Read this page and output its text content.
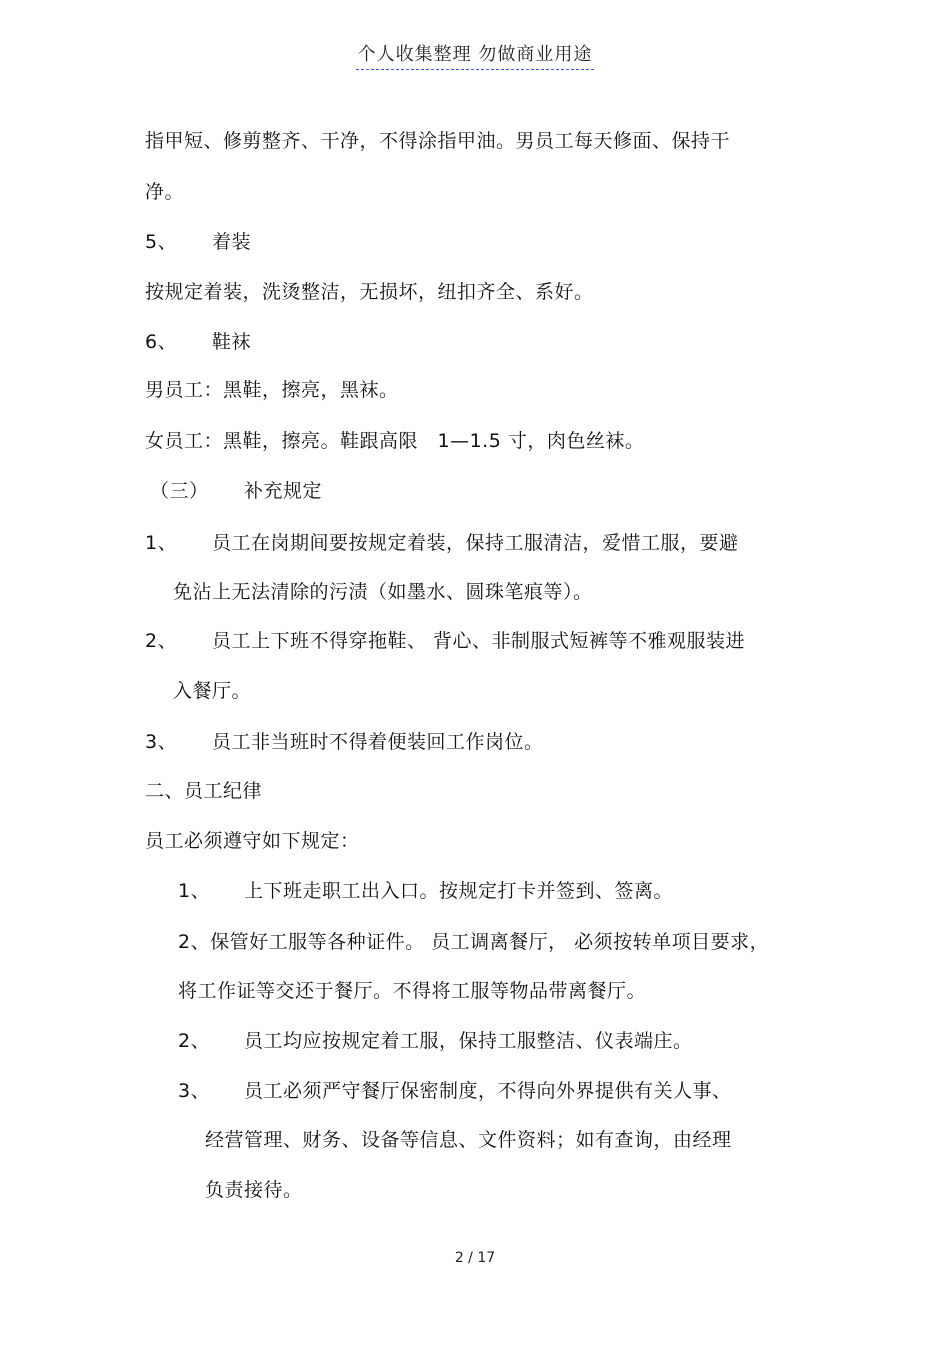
个人收集整理 勿做商业用途
指甲短、修剪整齐、干净，不得涂指甲油。男员工每天修面、保持干
净。
5、 着装
按规定着装，洗烫整洁，无损坏，纽扣齐全、系好。
6、 鞋袜
男员工：黑鞋，擦亮，黑袜。
女员工：黑鞋，擦亮。鞋跟高限　1—1.5 寸，肉色丝袜。
（三） 补充规定
1、 员工在岗期间要按规定着装，保持工服清洁，爱惜工服，要避
免沾上无法清除的污渍（如墨水、圆珠笔痕等）。
2、 员工上下班不得穿拖鞋、 背心、非制服式短裤等不雅观服装进
入餐厅。
3、 员工非当班时不得着便装回工作岗位。
二、员工纪律
员工必须遵守如下规定：
1、 上下班走职工出入口。按规定打卡并签到、签离。
2、保管好工服等各种证件。 员工调离餐厅， 必须按转单项目要求，
将工作证等交还于餐厅。不得将工服等物品带离餐厅。
2、 员工均应按规定着工服，保持工服整洁、仪表端庄。
3、 员工必须严守餐厅保密制度，不得向外界提供有关人事、
经营管理、财务、设备等信息、文件资料；如有查询，由经理
负责接待。
2 / 17
